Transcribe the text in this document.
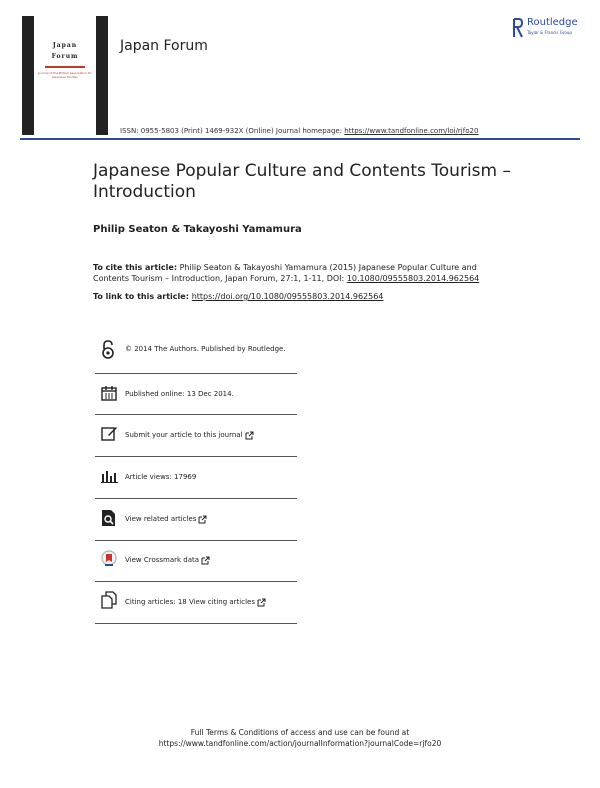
Japan
Forum
Journal of the British Association for Japanese Studies
Japan Forum
Routledge
Taylor & Francis Group
ISSN: 0955-5803 (Print) 1469-932X (Online) Journal homepage: https://www.tandfonline.com/loi/rjfo20
Japanese Popular Culture and Contents Tourism – Introduction
Philip Seaton & Takayoshi Yamamura
To cite this article: Philip Seaton & Takayoshi Yamamura (2015) Japanese Popular Culture and Contents Tourism – Introduction, Japan Forum, 27:1, 1-11, DOI: 10.1080/09555803.2014.962564
To link to this article: https://doi.org/10.1080/09555803.2014.962564
© 2014 The Authors. Published by Routledge.
Published online: 13 Dec 2014.
Submit your article to this journal
Article views: 17969
View related articles
View Crossmark data
Citing articles: 18 View citing articles
Full Terms & Conditions of access and use can be found at
https://www.tandfonline.com/action/journalInformation?journalCode=rjfo20
